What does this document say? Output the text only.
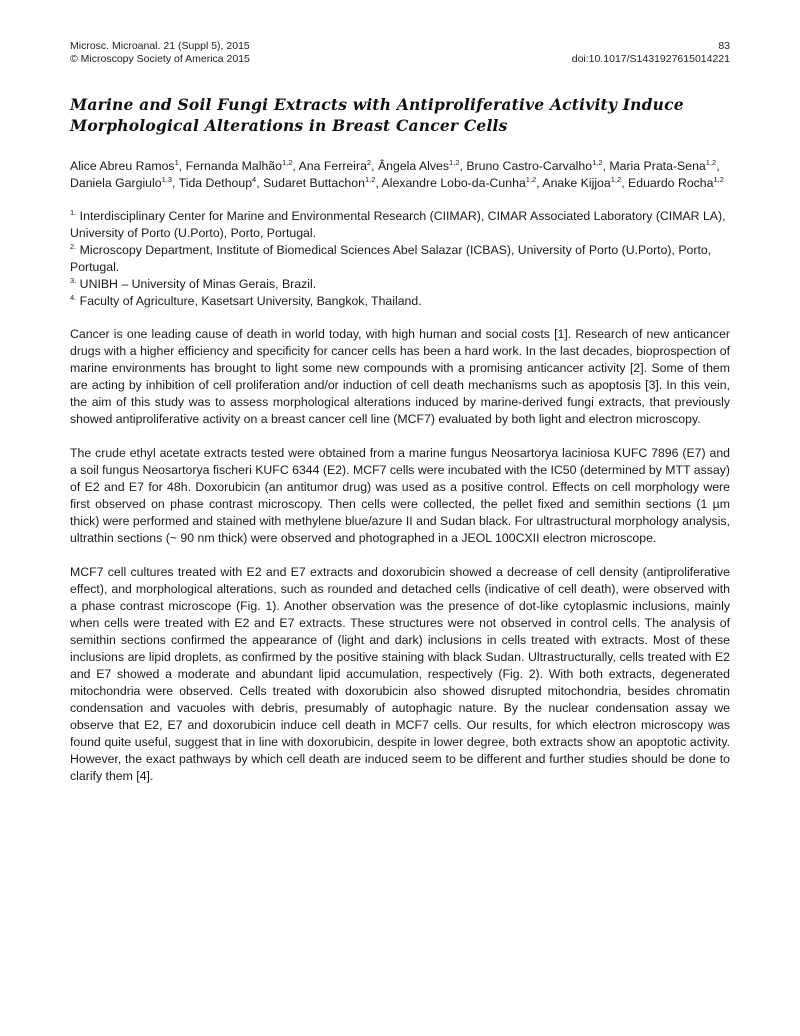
Microsc. Microanal. 21 (Suppl 5), 2015
© Microscopy Society of America 2015
83
doi:10.1017/S1431927615014221
Marine and Soil Fungi Extracts with Antiproliferative Activity Induce
Morphological Alterations in Breast Cancer Cells
Alice Abreu Ramos$^1$, Fernanda Malhão$^{1,2}$, Ana Ferreira$^2$, Ângela Alves$^{1,2}$, Bruno Castro-Carvalho$^{1,2}$, Maria Prata-Sena$^{1,2}$, Daniela Gargiulo$^{1,3}$, Tida Dethoup$^4$, Sudaret Buttachon$^{1,2}$, Alexandre Lobo-da-Cunha$^{1,2}$, Anake Kijjoa$^{1,2}$, Eduardo Rocha$^{1,2}$

$^{1.}$ Interdisciplinary Center for Marine and Environmental Research (CIIMAR), CIMAR Associated Laboratory (CIMAR LA), University of Porto (U.Porto), Porto, Portugal.

$^{2.}$ Microscopy Department, Institute of Biomedical Sciences Abel Salazar (ICBAS), University of Porto (U.Porto), Porto, Portugal.

$^{3.}$ UNIBH – University of Minas Gerais, Brazil.

$^{4.}$ Faculty of Agriculture, Kasetsart University, Bangkok, Thailand.

Cancer is one leading cause of death in world today, with high human and social costs [1]. Research of new anticancer drugs with a higher efficiency and specificity for cancer cells has been a hard work. In the last decades, bioprospection of marine environments has brought to light some new compounds with a promising anticancer activity [2]. Some of them are acting by inhibition of cell proliferation and/or induction of cell death mechanisms such as apoptosis [3]. In this vein, the aim of this study was to assess morphological alterations induced by marine-derived fungi extracts, that previously showed antiproliferative activity on a breast cancer cell line (MCF7) evaluated by both light and electron microscopy.

The crude ethyl acetate extracts tested were obtained from a marine fungus Neosartorya laciniosa KUFC 7896 (E7) and a soil fungus Neosartorya fischeri KUFC 6344 (E2). MCF7 cells were incubated with the IC50 (determined by MTT assay) of E2 and E7 for 48h. Doxorubicin (an antitumor drug) was used as a positive control. Effects on cell morphology were first observed on phase contrast microscopy. Then cells were collected, the pellet fixed and semithin sections (1 µm thick) were performed and stained with methylene blue/azure II and Sudan black. For ultrastructural morphology analysis, ultrathin sections (~ 90 nm thick) were observed and photographed in a JEOL 100CXII electron microscope.

MCF7 cell cultures treated with E2 and E7 extracts and doxorubicin showed a decrease of cell density (antiproliferative effect), and morphological alterations, such as rounded and detached cells (indicative of cell death), were observed with a phase contrast microscope (Fig. 1). Another observation was the presence of dot-like cytoplasmic inclusions, mainly when cells were treated with E2 and E7 extracts. These structures were not observed in control cells. The analysis of semithin sections confirmed the appearance of (light and dark) inclusions in cells treated with extracts. Most of these inclusions are lipid droplets, as confirmed by the positive staining with black Sudan. Ultrastructurally, cells treated with E2 and E7 showed a moderate and abundant lipid accumulation, respectively (Fig. 2). With both extracts, degenerated mitochondria were observed. Cells treated with doxorubicin also showed disrupted mitochondria, besides chromatin condensation and vacuoles with debris, presumably of autophagic nature. By the nuclear condensation assay we observe that E2, E7 and doxorubicin induce cell death in MCF7 cells. Our results, for which electron microscopy was found quite useful, suggest that in line with doxorubicin, despite in lower degree, both extracts show an apoptotic activity. However, the exact pathways by which cell death are induced seem to be different and further studies should be done to clarify them [4].
